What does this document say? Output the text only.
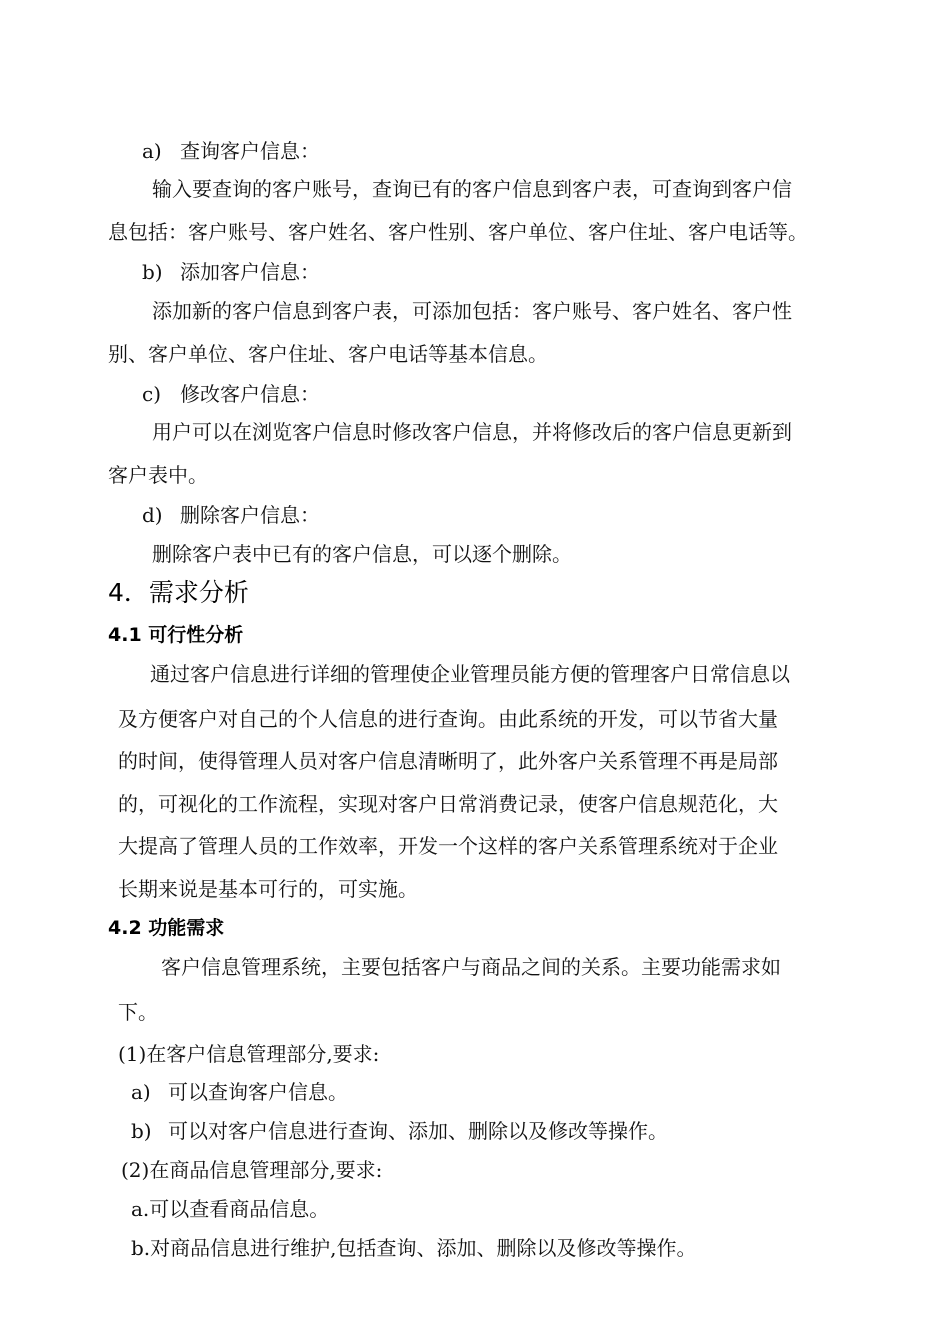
a) 查询客户信息：
输入要查询的客户账号，查询已有的客户信息到客户表，可查询到客户信
息包括：客户账号、客户姓名、客户性别、客户单位、客户住址、客户电话等。
b) 添加客户信息：
添加新的客户信息到客户表，可添加包括：客户账号、客户姓名、客户性
别、客户单位、客户住址、客户电话等基本信息。
c) 修改客户信息：
用户可以在浏览客户信息时修改客户信息，并将修改后的客户信息更新到
客户表中。
d) 删除客户信息：
删除客户表中已有的客户信息，可以逐个删除。
4．需求分析
4.1 可行性分析
通过客户信息进行详细的管理使企业管理员能方便的管理客户日常信息以
及方便客户对自己的个人信息的进行查询。由此系统的开发，可以节省大量
的时间，使得管理人员对客户信息清晰明了，此外客户关系管理不再是局部
的，可视化的工作流程，实现对客户日常消费记录，使客户信息规范化，大
大提高了管理人员的工作效率，开发一个这样的客户关系管理系统对于企业
长期来说是基本可行的，可实施。
4.2 功能需求
客户信息管理系统，主要包括客户与商品之间的关系。主要功能需求如
下。
(1)在客户信息管理部分,要求:
a) 可以查询客户信息。
b) 可以对客户信息进行查询、添加、删除以及修改等操作。
(2)在商品信息管理部分,要求:
a.可以查看商品信息。
b.对商品信息进行维护,包括查询、添加、删除以及修改等操作。
